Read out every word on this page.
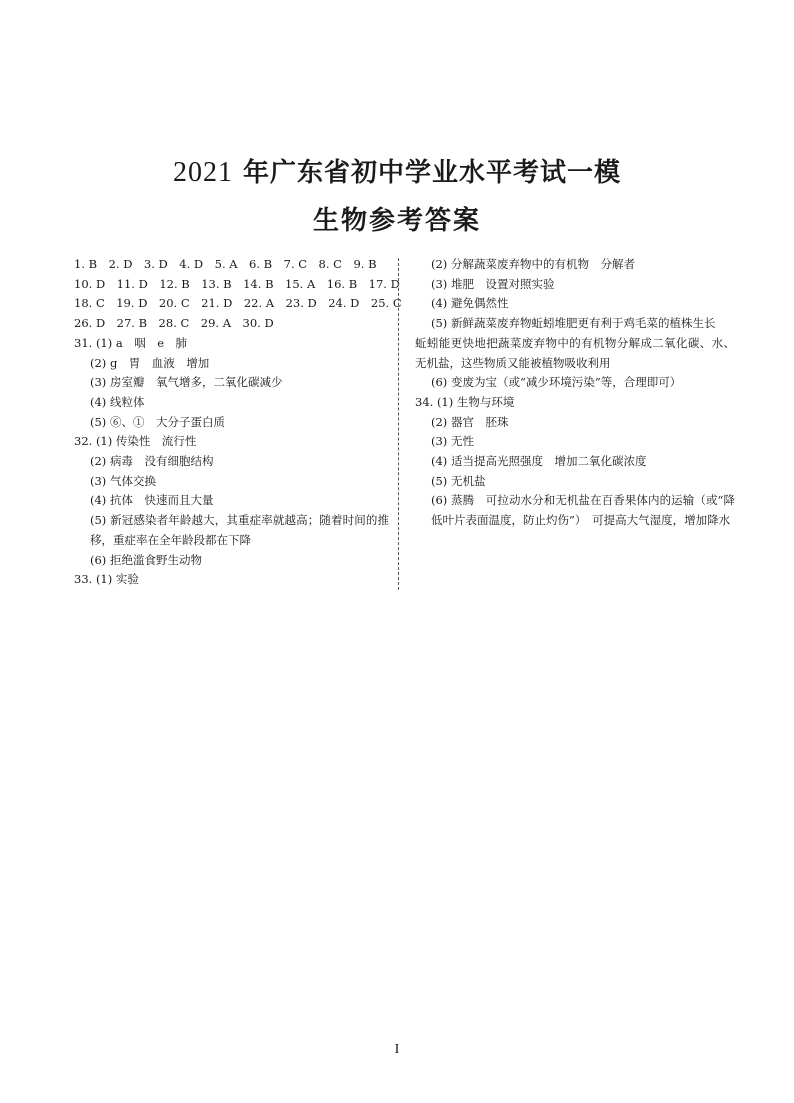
2021 年广东省初中学业水平考试一模
生物参考答案
1. B　2. D　3. D　4. D　5. A　6. B　7. C　8. C　9. B
10. D　11. D　12. B　13. B　14. B　15. A　16. B　17. D
18. C　19. D　20. C　21. D　22. A　23. D　24. D　25. C
26. D　27. B　28. C　29. A　30. D
31. (1) a　咽　e　肺
(2) g　胃　血液　增加
(3) 房室瓣　氧气增多，二氧化碳减少
(4) 线粒体
(5) ⑥、①　大分子蛋白质
32. (1) 传染性　流行性
(2) 病毒　没有细胞结构
(3) 气体交换
(4) 抗体　快速而且大量
(5) 新冠感染者年龄越大，其重症率就越高；随着时间的推移，重症率在全年龄段都在下降
(6) 拒绝滥食野生动物
33. (1) 实验
(2) 分解蔬菜废弃物中的有机物　分解者
(3) 堆肥　设置对照实验
(4) 避免偶然性
(5) 新鲜蔬菜废弃物蚯蚓堆肥更有利于鸡毛菜的植株生长
蚯蚓能更快地把蔬菜废弃物中的有机物分解成二氧化碳、水、无机盐，这些物质又能被植物吸收利用
(6) 变废为宝（或“减少环境污染”等，合理即可）
34. (1) 生物与环境
(2) 器官　胚珠
(3) 无性
(4) 适当提高光照强度　增加二氧化碳浓度
(5) 无机盐
(6) 蒸腾　可拉动水分和无机盐在百香果体内的运输（或“降低叶片表面温度，防止灼伤”）　可提高大气湿度，增加降水
I
